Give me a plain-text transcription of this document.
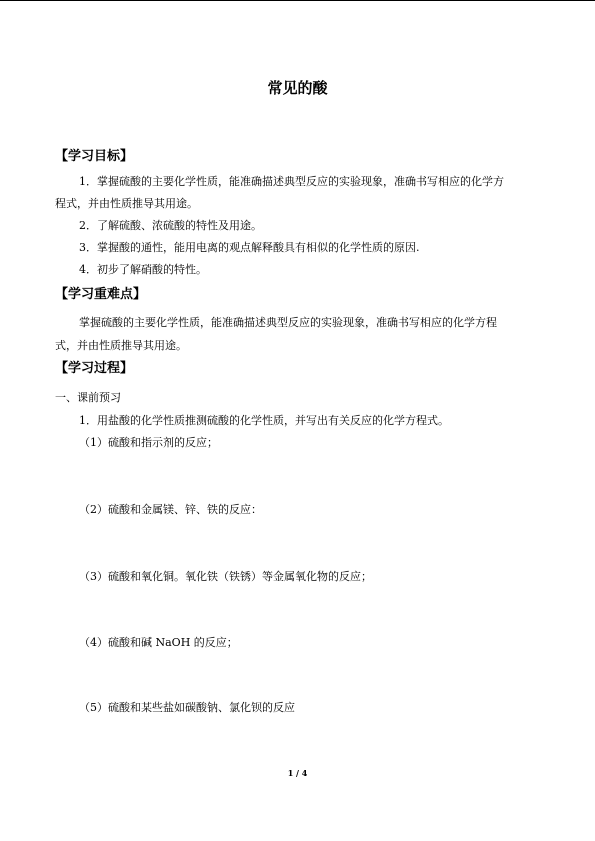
常见的酸
【学习目标】
1．掌握硫酸的主要化学性质，能准确描述典型反应的实验现象，准确书写相应的化学方
程式，并由性质推导其用途。
2．了解硫酸、浓硫酸的特性及用途。
3．掌握酸的通性，能用电离的观点解释酸具有相似的化学性质的原因.
4．初步了解硝酸的特性。
【学习重难点】
掌握硫酸的主要化学性质，能准确描述典型反应的实验现象，准确书写相应的化学方程
式，并由性质推导其用途。
【学习过程】
一、课前预习
1．用盐酸的化学性质推测硫酸的化学性质，并写出有关反应的化学方程式。
（1）硫酸和指示剂的反应；
（2）硫酸和金属镁、锌、铁的反应：
（3）硫酸和氧化铜。氧化铁（铁锈）等金属氧化物的反应；
（4）硫酸和碱 NaOH 的反应；
（5）硫酸和某些盐如碳酸钠、氯化钡的反应
1 / 4
